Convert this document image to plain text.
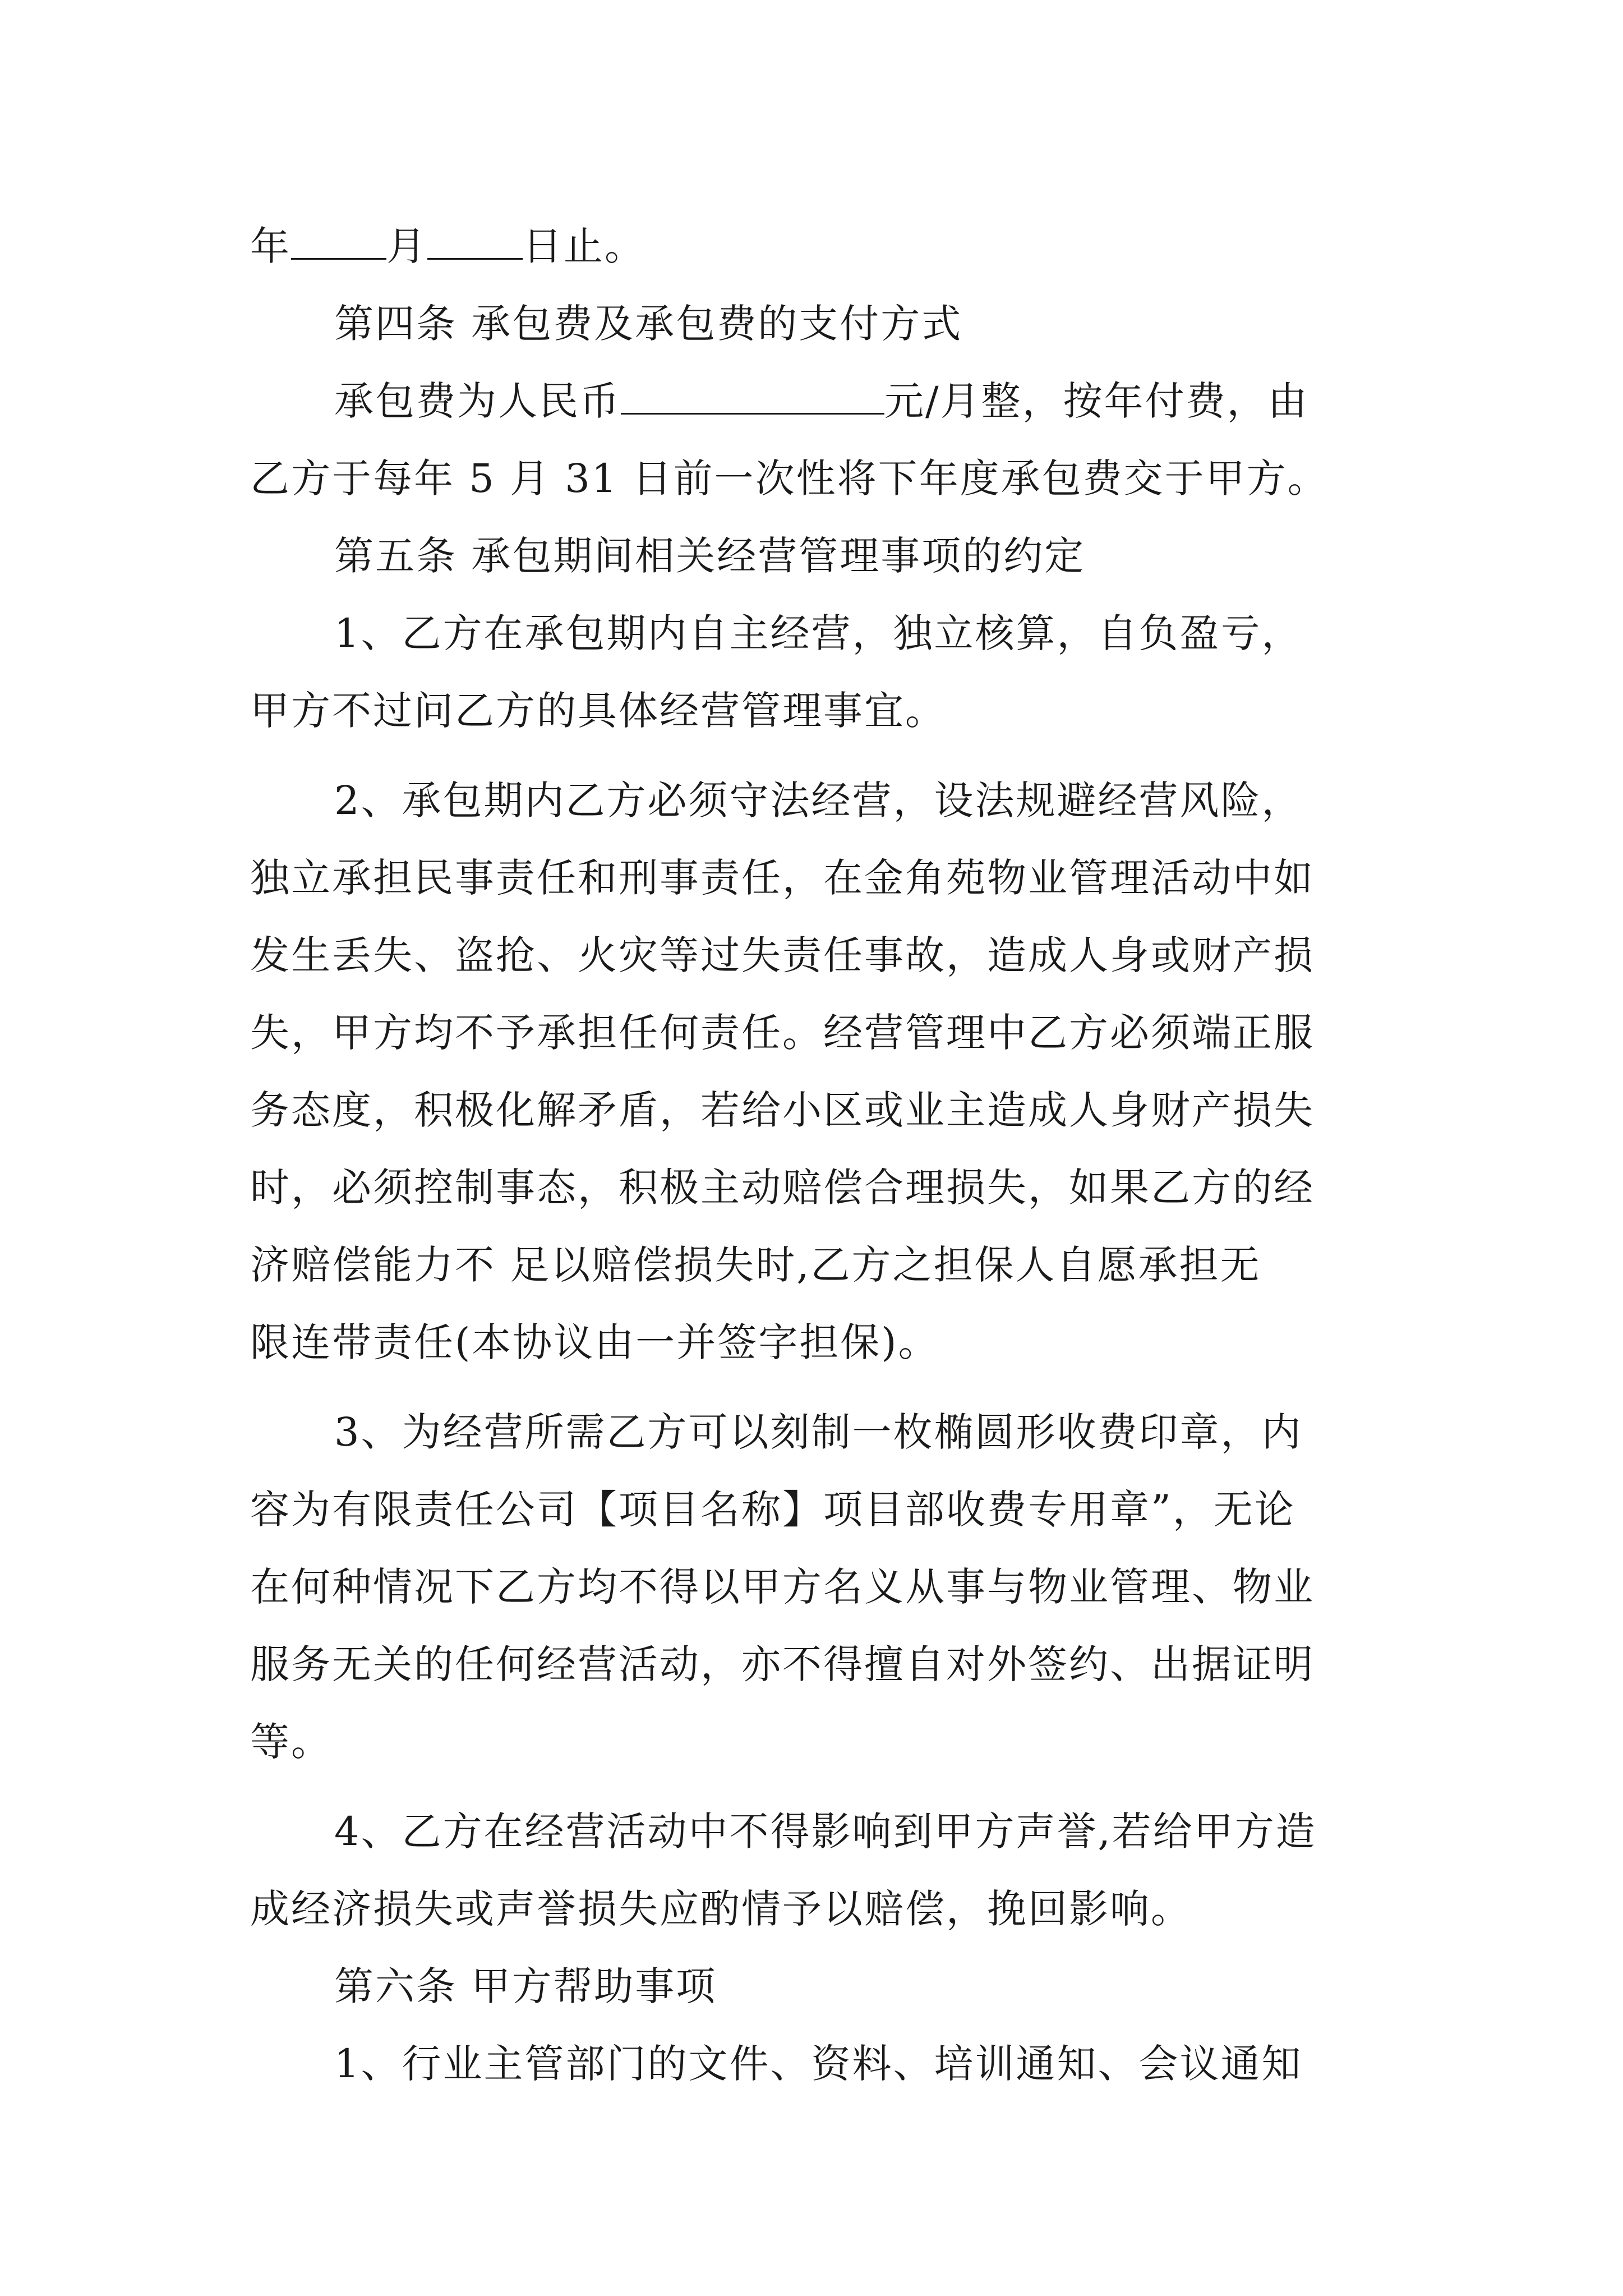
年 月 日止。
第四条 承包费及承包费的支付方式
承包费为人民币	元/月整，按年付费，由
乙方于每年 5 月 31 日前一次性将下年度承包费交于甲方。
第五条 承包期间相关经营管理事项的约定
1、乙方在承包期内自主经营，独立核算，自负盈亏，
甲方不过问乙方的具体经营管理事宜。
2、承包期内乙方必须守法经营，设法规避经营风险，
独立承担民事责任和刑事责任，在金角苑物业管理活动中如
发生丢失、盗抢、火灾等过失责任事故，造成人身或财产损
失，甲方均不予承担任何责任。经营管理中乙方必须端正服
务态度，积极化解矛盾，若给小区或业主造成人身财产损失
时，必须控制事态，积极主动赔偿合理损失，如果乙方的经
济赔偿能力不 足以赔偿损失时,乙方之担保人自愿承担无
限连带责任(本协议由一并签字担保)。
3、为经营所需乙方可以刻制一枚椭圆形收费印章，内
容为有限责任公司【项目名称】项目部收费专用章”，无论
在何种情况下乙方均不得以甲方名义从事与物业管理、物业
服务无关的任何经营活动，亦不得擅自对外签约、出据证明
等。
4、乙方在经营活动中不得影响到甲方声誉,若给甲方造
成经济损失或声誉损失应酌情予以赔偿，挽回影响。
第六条 甲方帮助事项
1、行业主管部门的文件、资料、培训通知、会议通知
